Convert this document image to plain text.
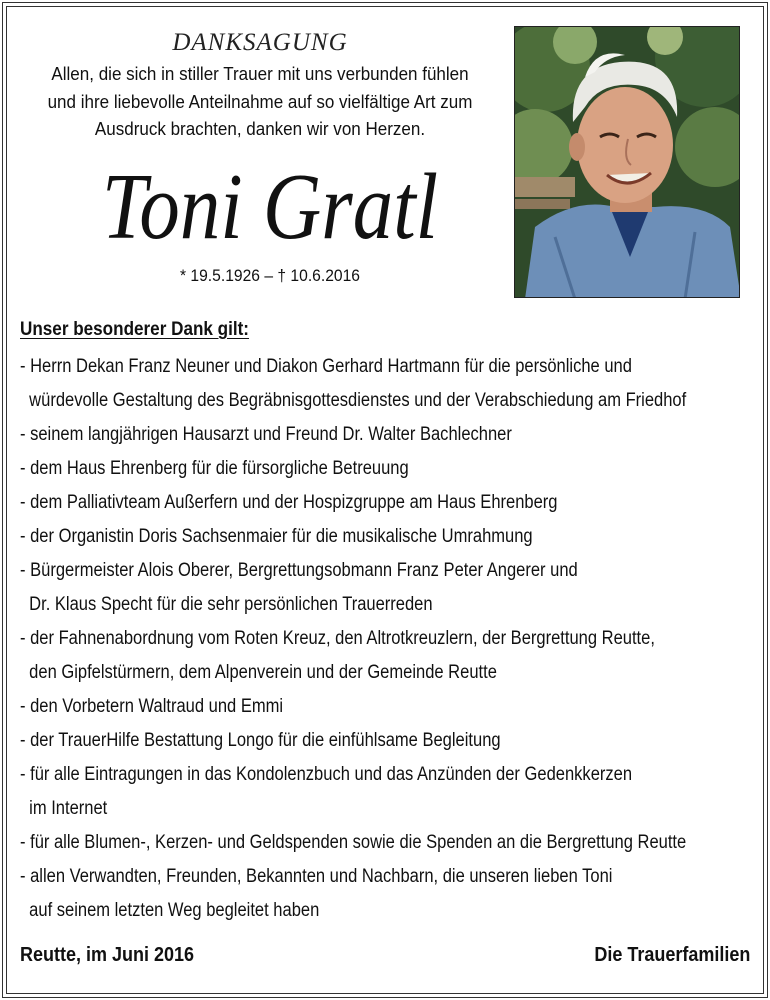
DANKSAGUNG
Allen, die sich in stiller Trauer mit uns verbunden fühlen
und ihre liebevolle Anteilnahme auf so vielfältige Art zum
Ausdruck brachten, danken wir von Herzen.
Toni Gratl
* 19.5.1926 – † 10.6.2016
Unser besonderer Dank gilt:
- Herrn Dekan Franz Neuner und Diakon Gerhard Hartmann für die persönliche und
würdevolle Gestaltung des Begräbnisgottesdienstes und der Verabschiedung am Friedhof
- seinem langjährigen Hausarzt und Freund Dr. Walter Bachlechner
- dem Haus Ehrenberg für die fürsorgliche Betreuung
- dem Palliativteam Außerfern und der Hospizgruppe am Haus Ehrenberg
- der Organistin Doris Sachsenmaier für die musikalische Umrahmung
- Bürgermeister Alois Oberer, Bergrettungsobmann Franz Peter Angerer und
Dr. Klaus Specht für die sehr persönlichen Trauerreden
- der Fahnenabordnung vom Roten Kreuz, den Altrotkreuzlern, der Bergrettung Reutte,
den Gipfelstürmern, dem Alpenverein und der Gemeinde Reutte
- den Vorbetern Waltraud und Emmi
- der TrauerHilfe Bestattung Longo für die einfühlsame Begleitung
- für alle Eintragungen in das Kondolenzbuch und das Anzünden der Gedenkkerzen
im Internet
- für alle Blumen-, Kerzen- und Geldspenden sowie die Spenden an die Bergrettung Reutte
- allen Verwandten, Freunden, Bekannten und Nachbarn, die unseren lieben Toni
auf seinem letzten Weg begleitet haben
Reutte, im Juni 2016	Die Trauerfamilien
